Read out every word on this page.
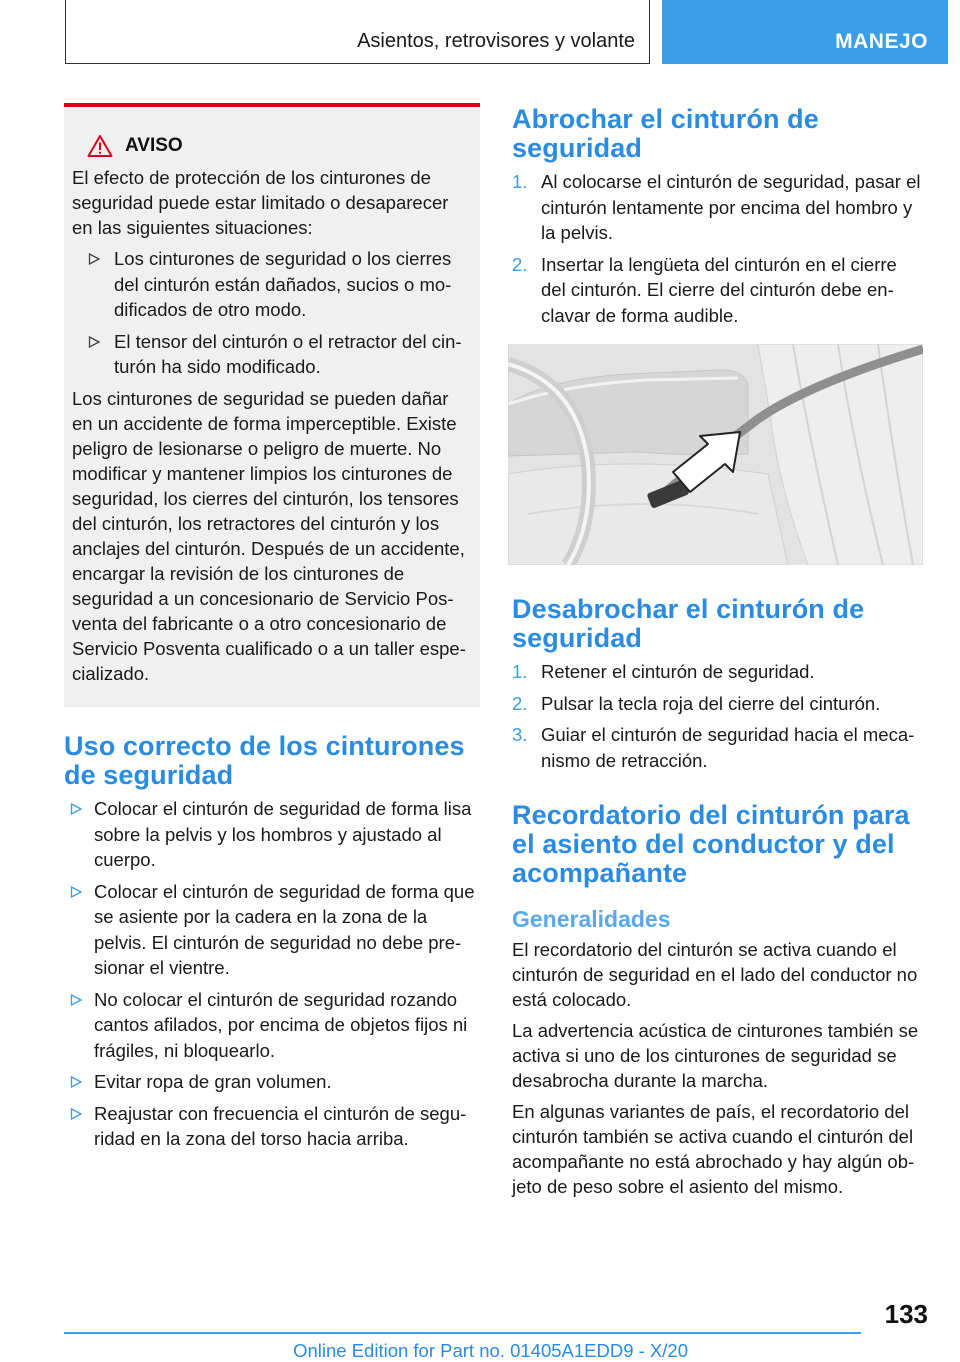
Asientos, retrovisores y volante	MANEJO
AVISO

El efecto de protección de los cinturones de seguridad puede estar limitado o desaparecer en las siguientes situaciones:

Los cinturones de seguridad o los cierres del cinturón están dañados, sucios o modificados de otro modo.
El tensor del cinturón o el retractor del cinturón ha sido modificado.

Los cinturones de seguridad se pueden dañar en un accidente de forma imperceptible. Existe peligro de lesionarse o peligro de muerte. No modificar y mantener limpios los cinturones de seguridad, los cierres del cinturón, los tensores del cinturón, los retractores del cinturón y los anclajes del cinturón. Después de un accidente, encargar la revisión de los cinturones de seguridad a un concesionario de Servicio Posventa del fabricante o a otro concesionario de Servicio Posventa cualificado o a un taller especializado.

Uso correcto de los cinturones de seguridad
Colocar el cinturón de seguridad de forma lisa sobre la pelvis y los hombros y ajustado al cuerpo.
Colocar el cinturón de seguridad de forma que se asiente por la cadera en la zona de la pelvis. El cinturón de seguridad no debe presionar el vientre.
No colocar el cinturón de seguridad rozando cantos afilados, por encima de objetos fijos ni frágiles, ni bloquearlo.
Evitar ropa de gran volumen.
Reajustar con frecuencia el cinturón de seguridad en la zona del torso hacia arriba.
Abrochar el cinturón de seguridad
1. Al colocarse el cinturón de seguridad, pasar el cinturón lentamente por encima del hombro y la pelvis.
2. Insertar la lengüeta del cinturón en el cierre del cinturón. El cierre del cinturón debe enclavar de forma audible.
Desabrochar el cinturón de seguridad
1. Retener el cinturón de seguridad.
2. Pulsar la tecla roja del cierre del cinturón.
3. Guiar el cinturón de seguridad hacia el mecanismo de retracción.
Recordatorio del cinturón para el asiento del conductor y del acompañante
Generalidades

El recordatorio del cinturón se activa cuando el cinturón de seguridad en el lado del conductor no está colocado.

La advertencia acústica de cinturones también se activa si uno de los cinturones de seguridad se desabrocha durante la marcha.

En algunas variantes de país, el recordatorio del cinturón también se activa cuando el cinturón del acompañante no está abrochado y hay algún objeto de peso sobre el asiento del mismo.

133
Online Edition for Part no. 01405A1EDD9 - X/20
